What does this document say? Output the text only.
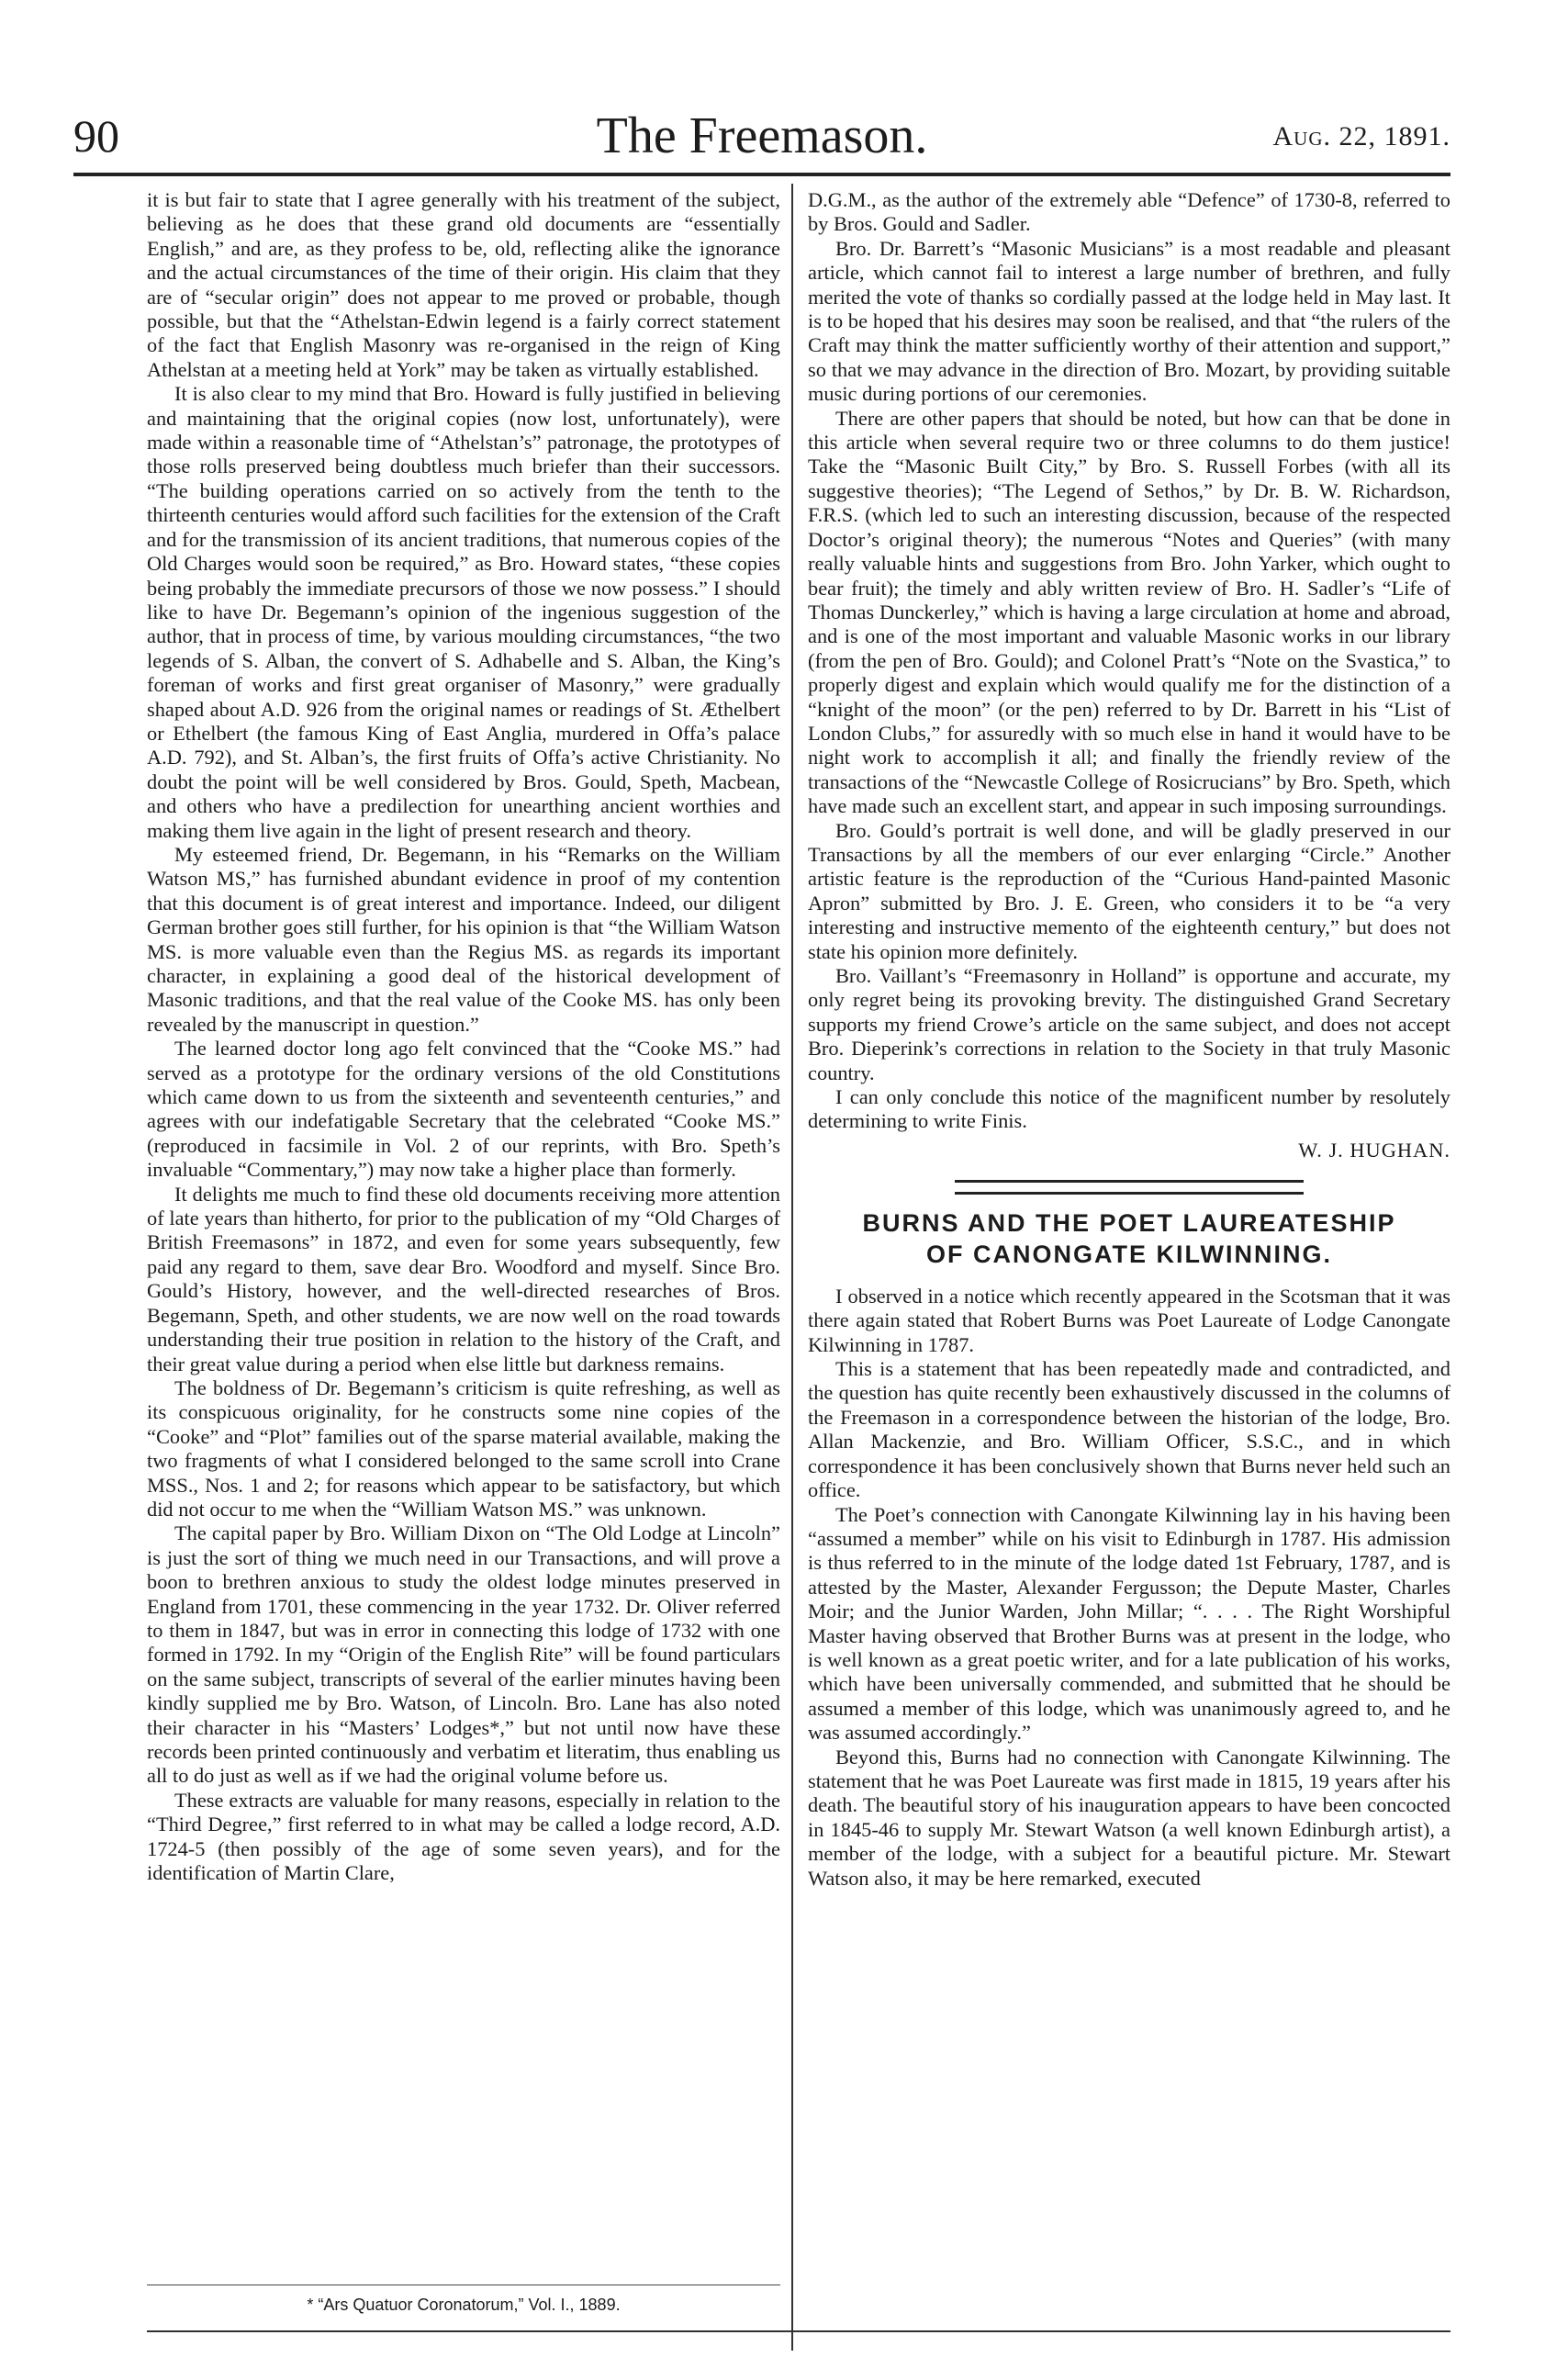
90	The Freemason.	Aug. 22, 1891.

it is but fair to state that I agree generally with his treatment of the subject, believing as he does that these grand old documents are “essentially English,” and are, as they profess to be, old, reflecting alike the ignorance and the actual circumstances of the time of their origin. His claim that they are of “secular origin” does not appear to me proved or probable, though possible, but that the “Athelstan-Edwin legend is a fairly correct statement of the fact that English Masonry was re-organised in the reign of King Athelstan at a meeting held at York” may be taken as virtually established.

It is also clear to my mind that Bro. Howard is fully justified in believing and maintaining that the original copies (now lost, unfortunately), were made within a reasonable time of “Athelstan’s” patronage, the prototypes of those rolls preserved being doubtless much briefer than their successors. “The building operations carried on so actively from the tenth to the thirteenth centuries would afford such facilities for the extension of the Craft and for the transmission of its ancient traditions, that numerous copies of the Old Charges would soon be required,” as Bro. Howard states, “these copies being probably the immediate precursors of those we now possess.” I should like to have Dr. Begemann’s opinion of the ingenious suggestion of the author, that in process of time, by various moulding circumstances, “the two legends of S. Alban, the convert of S. Adhabelle and S. Alban, the King’s foreman of works and first great organiser of Masonry,” were gradually shaped about A.D. 926 from the original names or readings of St. Æthelbert or Ethelbert (the famous King of East Anglia, murdered in Offa’s palace A.D. 792), and St. Alban’s, the first fruits of Offa’s active Christianity. No doubt the point will be well considered by Bros. Gould, Speth, Macbean, and others who have a predilection for unearthing ancient worthies and making them live again in the light of present research and theory.

My esteemed friend, Dr. Begemann, in his “Remarks on the William Watson MS,” has furnished abundant evidence in proof of my contention that this document is of great interest and importance. Indeed, our diligent German brother goes still further, for his opinion is that “the William Watson MS. is more valuable even than the Regius MS. as regards its important character, in explaining a good deal of the historical development of Masonic traditions, and that the real value of the Cooke MS. has only been revealed by the manuscript in question.”

The learned doctor long ago felt convinced that the “Cooke MS.” had served as a prototype for the ordinary versions of the old Constitutions which came down to us from the sixteenth and seventeenth centuries,” and agrees with our indefatigable Secretary that the celebrated “Cooke MS.” (reproduced in facsimile in Vol. 2 of our reprints, with Bro. Speth’s invaluable “Commentary,”) may now take a higher place than formerly.

It delights me much to find these old documents receiving more attention of late years than hitherto, for prior to the publication of my “Old Charges of British Freemasons” in 1872, and even for some years subsequently, few paid any regard to them, save dear Bro. Woodford and myself. Since Bro. Gould’s History, however, and the well-directed researches of Bros. Begemann, Speth, and other students, we are now well on the road towards understanding their true position in relation to the history of the Craft, and their great value during a period when else little but darkness remains.

The boldness of Dr. Begemann’s criticism is quite refreshing, as well as its conspicuous originality, for he constructs some nine copies of the “Cooke” and “Plot” families out of the sparse material available, making the two fragments of what I considered belonged to the same scroll into Crane MSS., Nos. 1 and 2; for reasons which appear to be satisfactory, but which did not occur to me when the “William Watson MS.” was unknown.

The capital paper by Bro. William Dixon on “The Old Lodge at Lincoln” is just the sort of thing we much need in our Transactions, and will prove a boon to brethren anxious to study the oldest lodge minutes preserved in England from 1701, these commencing in the year 1732. Dr. Oliver referred to them in 1847, but was in error in connecting this lodge of 1732 with one formed in 1792. In my “Origin of the English Rite” will be found particulars on the same subject, transcripts of several of the earlier minutes having been kindly supplied me by Bro. Watson, of Lincoln. Bro. Lane has also noted their character in his “Masters’ Lodges*,” but not until now have these records been printed continuously and verbatim et literatim, thus enabling us all to do just as well as if we had the original volume before us.

These extracts are valuable for many reasons, especially in relation to the “Third Degree,” first referred to in what may be called a lodge record, A.D. 1724-5 (then possibly of the age of some seven years), and for the identification of Martin Clare,

D.G.M., as the author of the extremely able “Defence” of 1730-8, referred to by Bros. Gould and Sadler.

Bro. Dr. Barrett’s “Masonic Musicians” is a most readable and pleasant article, which cannot fail to interest a large number of brethren, and fully merited the vote of thanks so cordially passed at the lodge held in May last. It is to be hoped that his desires may soon be realised, and that “the rulers of the Craft may think the matter sufficiently worthy of their attention and support,” so that we may advance in the direction of Bro. Mozart, by providing suitable music during portions of our ceremonies.

There are other papers that should be noted, but how can that be done in this article when several require two or three columns to do them justice! Take the “Masonic Built City,” by Bro. S. Russell Forbes (with all its suggestive theories); “The Legend of Sethos,” by Dr. B. W. Richardson, F.R.S. (which led to such an interesting discussion, because of the respected Doctor’s original theory); the numerous “Notes and Queries” (with many really valuable hints and suggestions from Bro. John Yarker, which ought to bear fruit); the timely and ably written review of Bro. H. Sadler’s “Life of Thomas Dunckerley,” which is having a large circulation at home and abroad, and is one of the most important and valuable Masonic works in our library (from the pen of Bro. Gould); and Colonel Pratt’s “Note on the Svastica,” to properly digest and explain which would qualify me for the distinction of a “knight of the moon” (or the pen) referred to by Dr. Barrett in his “List of London Clubs,” for assuredly with so much else in hand it would have to be night work to accomplish it all; and finally the friendly review of the transactions of the “Newcastle College of Rosicrucians” by Bro. Speth, which have made such an excellent start, and appear in such imposing surroundings.

Bro. Gould’s portrait is well done, and will be gladly preserved in our Transactions by all the members of our ever enlarging “Circle.” Another artistic feature is the reproduction of the “Curious Hand-painted Masonic Apron” submitted by Bro. J. E. Green, who considers it to be “a very interesting and instructive memento of the eighteenth century,” but does not state his opinion more definitely.

Bro. Vaillant’s “Freemasonry in Holland” is opportune and accurate, my only regret being its provoking brevity. The distinguished Grand Secretary supports my friend Crowe’s article on the same subject, and does not accept Bro. Dieperink’s corrections in relation to the Society in that truly Masonic country.

I can only conclude this notice of the magnificent number by resolutely determining to write Finis.

W. J. HUGHAN.
BURNS AND THE POET LAUREATESHIP
OF CANONGATE KILWINNING.

I observed in a notice which recently appeared in the Scotsman that it was there again stated that Robert Burns was Poet Laureate of Lodge Canongate Kilwinning in 1787.

This is a statement that has been repeatedly made and contradicted, and the question has quite recently been exhaustively discussed in the columns of the Freemason in a correspondence between the historian of the lodge, Bro. Allan Mackenzie, and Bro. William Officer, S.S.C., and in which correspondence it has been conclusively shown that Burns never held such an office.

The Poet’s connection with Canongate Kilwinning lay in his having been “assumed a member” while on his visit to Edinburgh in 1787. His admission is thus referred to in the minute of the lodge dated 1st February, 1787, and is attested by the Master, Alexander Fergusson; the Depute Master, Charles Moir; and the Junior Warden, John Millar; “. . . . The Right Worshipful Master having observed that Brother Burns was at present in the lodge, who is well known as a great poetic writer, and for a late publication of his works, which have been universally commended, and submitted that he should be assumed a member of this lodge, which was unanimously agreed to, and he was assumed accordingly.”

Beyond this, Burns had no connection with Canongate Kilwinning. The statement that he was Poet Laureate was first made in 1815, 19 years after his death. The beautiful story of his inauguration appears to have been concocted in 1845-46 to supply Mr. Stewart Watson (a well known Edinburgh artist), a member of the lodge, with a subject for a beautiful picture. Mr. Stewart Watson also, it may be here remarked, executed

* “Ars Quatuor Coronatorum,” Vol. I., 1889.
